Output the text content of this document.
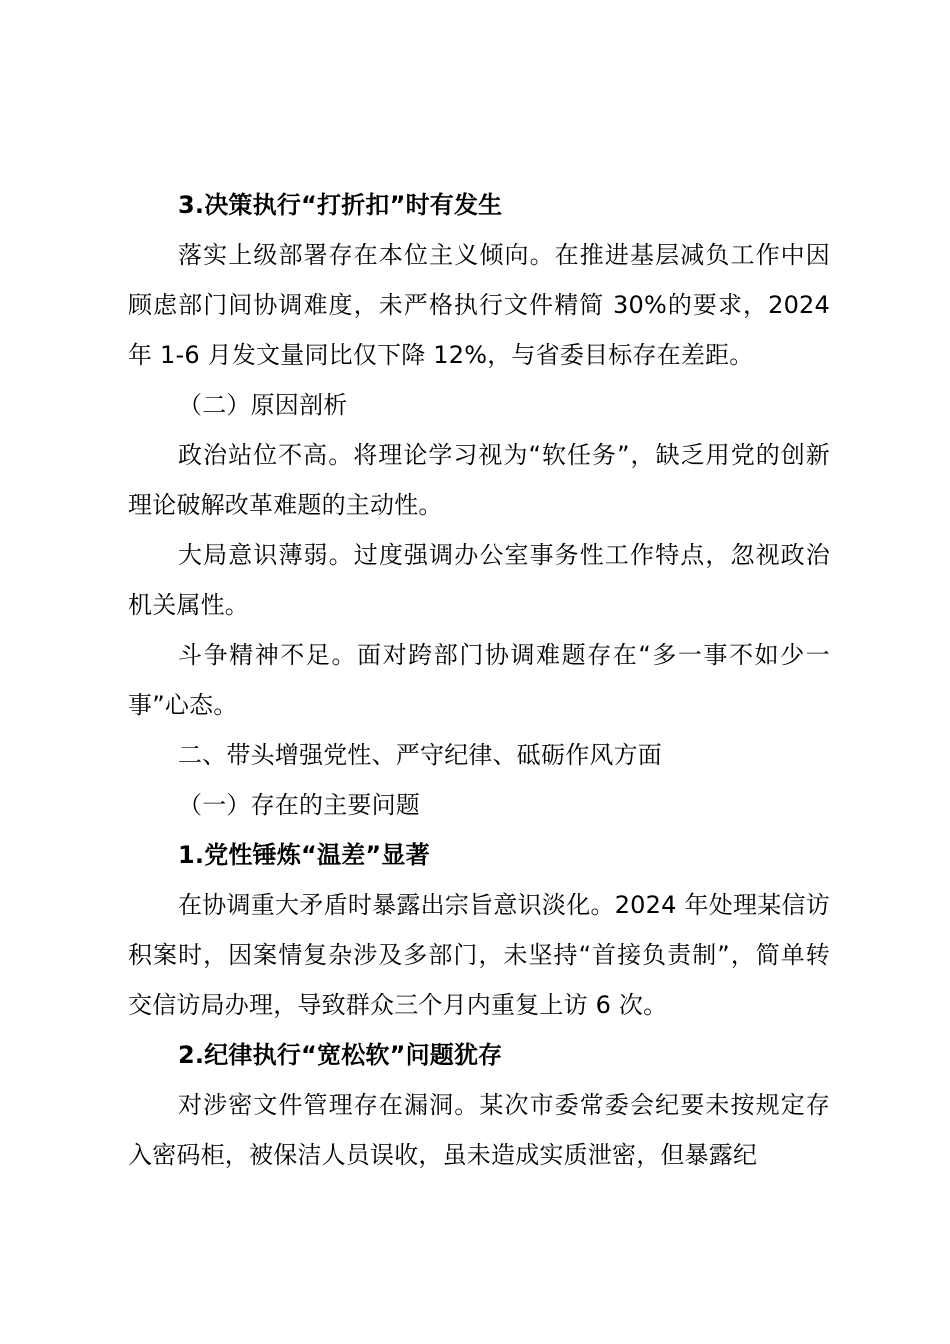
3.决策执行“打折扣”时有发生

落实上级部署存在本位主义倾向。在推进基层减负工作中因顾虑部门间协调难度，未严格执行文件精简 30%的要求，2024 年 1-6 月发文量同比仅下降 12%，与省委目标存在差距。

（二）原因剖析

政治站位不高。将理论学习视为“软任务”，缺乏用党的创新理论破解改革难题的主动性。

大局意识薄弱。过度强调办公室事务性工作特点，忽视政治机关属性。

斗争精神不足。面对跨部门协调难题存在“多一事不如少一事”心态。

二、带头增强党性、严守纪律、砥砺作风方面

（一）存在的主要问题

1.党性锤炼“温差”显著

在协调重大矛盾时暴露出宗旨意识淡化。2024 年处理某信访积案时，因案情复杂涉及多部门，未坚持“首接负责制”，简单转交信访局办理，导致群众三个月内重复上访 6 次。

2.纪律执行“宽松软”问题犹存

对涉密文件管理存在漏洞。某次市委常委会纪要未按规定存入密码柜，被保洁人员误收，虽未造成实质泄密，但暴露纪
